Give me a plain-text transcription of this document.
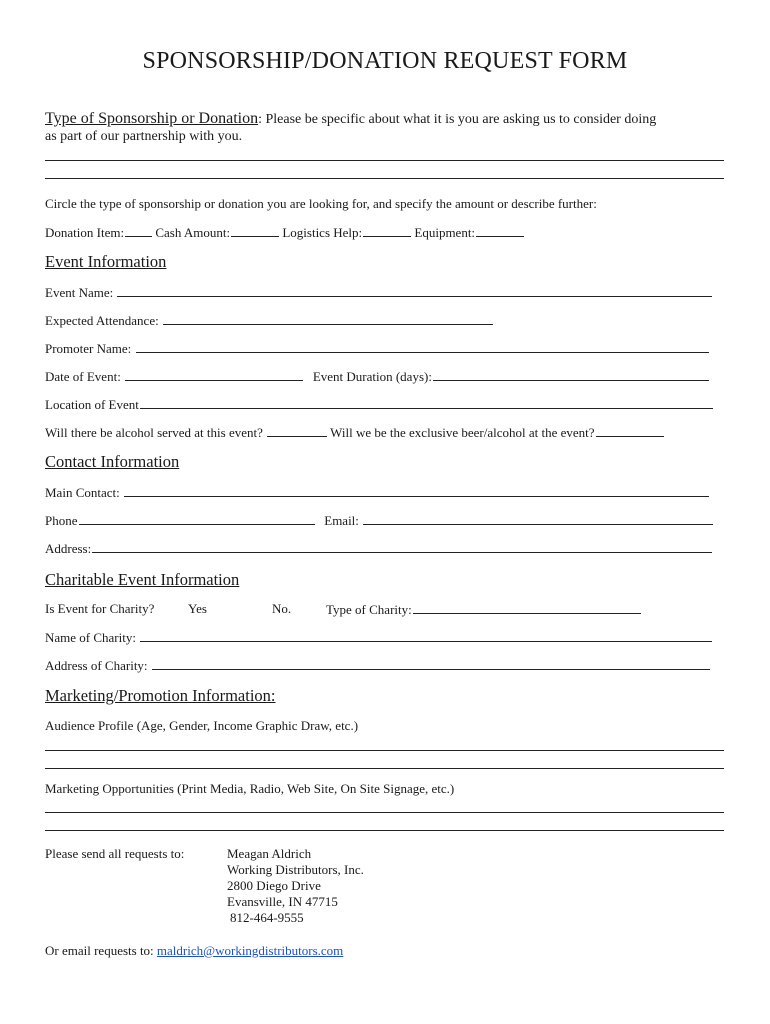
SPONSORSHIP/DONATION REQUEST FORM
Type of Sponsorship or Donation: Please be specific about what it is you are asking us to consider doing
as part of our partnership with you.
Circle the type of sponsorship or donation you are looking for, and specify the amount or describe further:
Donation Item: Cash Amount:	Logistics Help:	Equipment:
Event Information
Event Name:
Expected Attendance:
Promoter Name:
Date of Event:	Event Duration (days):
Location of Event
Will there be alcohol served at this event?	Will we be the exclusive beer/alcohol at the event?
Contact Information
Main Contact:
Phone	Email:
Address:
Charitable Event Information
Is Event for Charity?	Yes	No.	Type of Charity:
Name of Charity:
Address of Charity:
Marketing/Promotion Information:
Audience Profile (Age, Gender, Income Graphic Draw, etc.)
Marketing Opportunities (Print Media, Radio, Web Site, On Site Signage, etc.)
Please send all requests to:	Meagan Aldrich
Working Distributors, Inc.
2800 Diego Drive
Evansville, IN 47715
812-464-9555
Or email requests to: maldrich@workingdistributors.com
